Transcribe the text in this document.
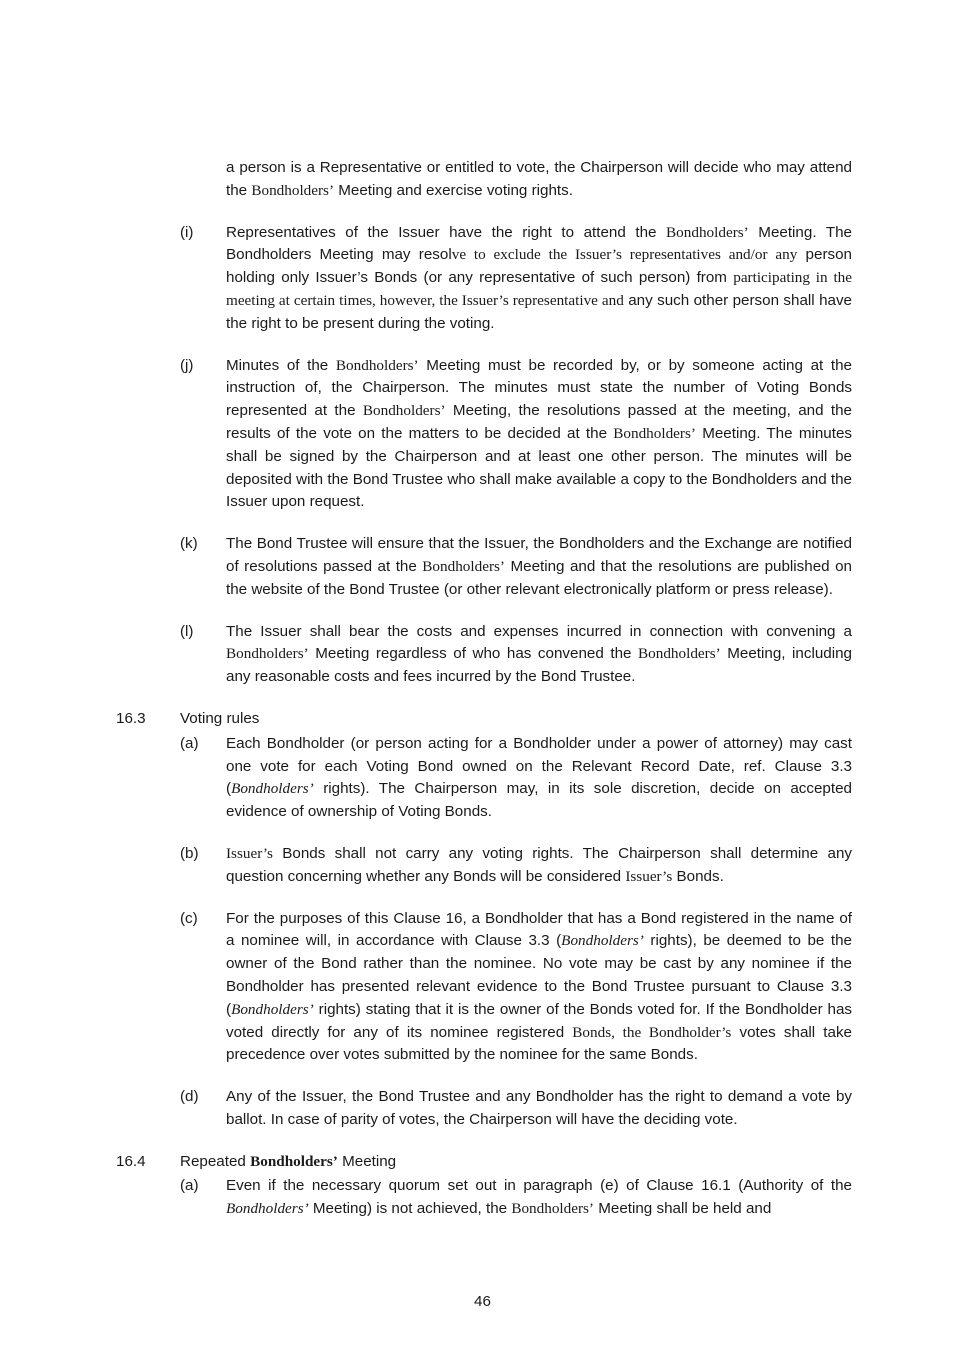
a person is a Representative or entitled to vote, the Chairperson will decide who may attend the Bondholders’ Meeting and exercise voting rights.

(i)	Representatives of the Issuer have the right to attend the Bondholders’ Meeting. The Bondholders Meeting may resolve to exclude the Issuer’s representatives and/or any person holding only Issuer’s Bonds (or any representative of such person) from participating in the meeting at certain times, however, the Issuer’s representative and any such other person shall have the right to be present during the voting.
(j)	Minutes of the Bondholders’ Meeting must be recorded by, or by someone acting at the instruction of, the Chairperson. The minutes must state the number of Voting Bonds represented at the Bondholders’ Meeting, the resolutions passed at the meeting, and the results of the vote on the matters to be decided at the Bondholders’ Meeting. The minutes shall be signed by the Chairperson and at least one other person. The minutes will be deposited with the Bond Trustee who shall make available a copy to the Bondholders and the Issuer upon request.
(k)	The Bond Trustee will ensure that the Issuer, the Bondholders and the Exchange are notified of resolutions passed at the Bondholders’ Meeting and that the resolutions are published on the website of the Bond Trustee (or other relevant electronically platform or press release).
(l)	The Issuer shall bear the costs and expenses incurred in connection with convening a Bondholders’ Meeting regardless of who has convened the Bondholders’ Meeting, including any reasonable costs and fees incurred by the Bond Trustee.
16.3	Voting rules
(a)	Each Bondholder (or person acting for a Bondholder under a power of attorney) may cast one vote for each Voting Bond owned on the Relevant Record Date, ref. Clause 3.3 (Bondholders’ rights). The Chairperson may, in its sole discretion, decide on accepted evidence of ownership of Voting Bonds.
(b)	Issuer’s Bonds shall not carry any voting rights. The Chairperson shall determine any question concerning whether any Bonds will be considered Issuer’s Bonds.
(c)	For the purposes of this Clause 16, a Bondholder that has a Bond registered in the name of a nominee will, in accordance with Clause 3.3 (Bondholders’ rights), be deemed to be the owner of the Bond rather than the nominee. No vote may be cast by any nominee if the Bondholder has presented relevant evidence to the Bond Trustee pursuant to Clause 3.3 (Bondholders’ rights) stating that it is the owner of the Bonds voted for. If the Bondholder has voted directly for any of its nominee registered Bonds, the Bondholder’s votes shall take precedence over votes submitted by the nominee for the same Bonds.
(d)	Any of the Issuer, the Bond Trustee and any Bondholder has the right to demand a vote by ballot. In case of parity of votes, the Chairperson will have the deciding vote.
16.4	Repeated Bondholders’ Meeting
(a)	Even if the necessary quorum set out in paragraph (e) of Clause 16.1 (Authority of the Bondholders’ Meeting) is not achieved, the Bondholders’ Meeting shall be held and
46
